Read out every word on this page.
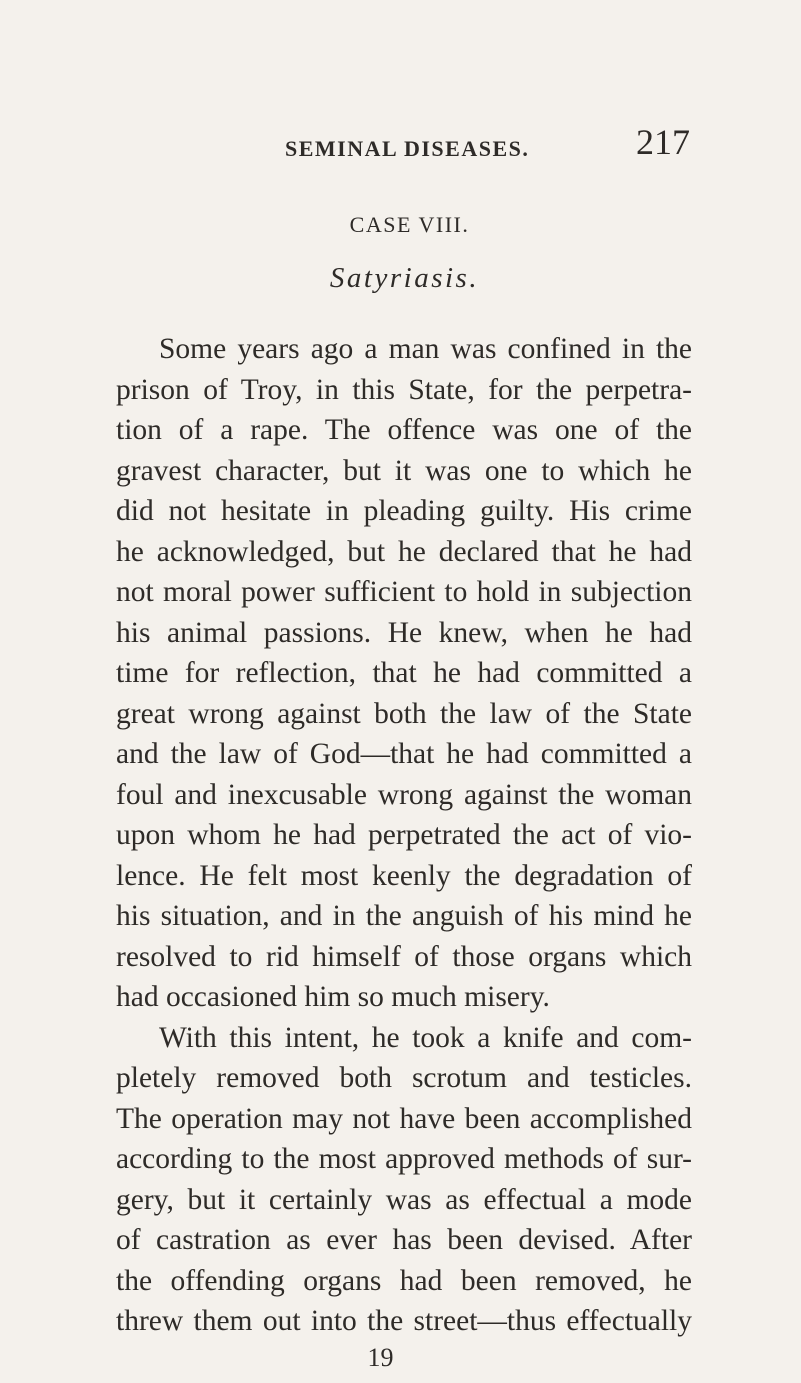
SEMINAL DISEASES.	217
CASE VIII.
Satyriasis.
Some years ago a man was confined in the
prison of Troy, in this State, for the perpetra-
tion of a rape. The offence was one of the
gravest character, but it was one to which he
did not hesitate in pleading guilty. His crime
he acknowledged, but he declared that he had
not moral power sufficient to hold in subjection
his animal passions. He knew, when he had
time for reflection, that he had committed a
great wrong against both the law of the State
and the law of God—that he had committed a
foul and inexcusable wrong against the woman
upon whom he had perpetrated the act of vio-
lence. He felt most keenly the degradation of
his situation, and in the anguish of his mind he
resolved to rid himself of those organs which
had occasioned him so much misery.
With this intent, he took a knife and com-
pletely removed both scrotum and testicles.
The operation may not have been accomplished
according to the most approved methods of sur-
gery, but it certainly was as effectual a mode
of castration as ever has been devised. After
the offending organs had been removed, he
threw them out into the street—thus effectually
19
